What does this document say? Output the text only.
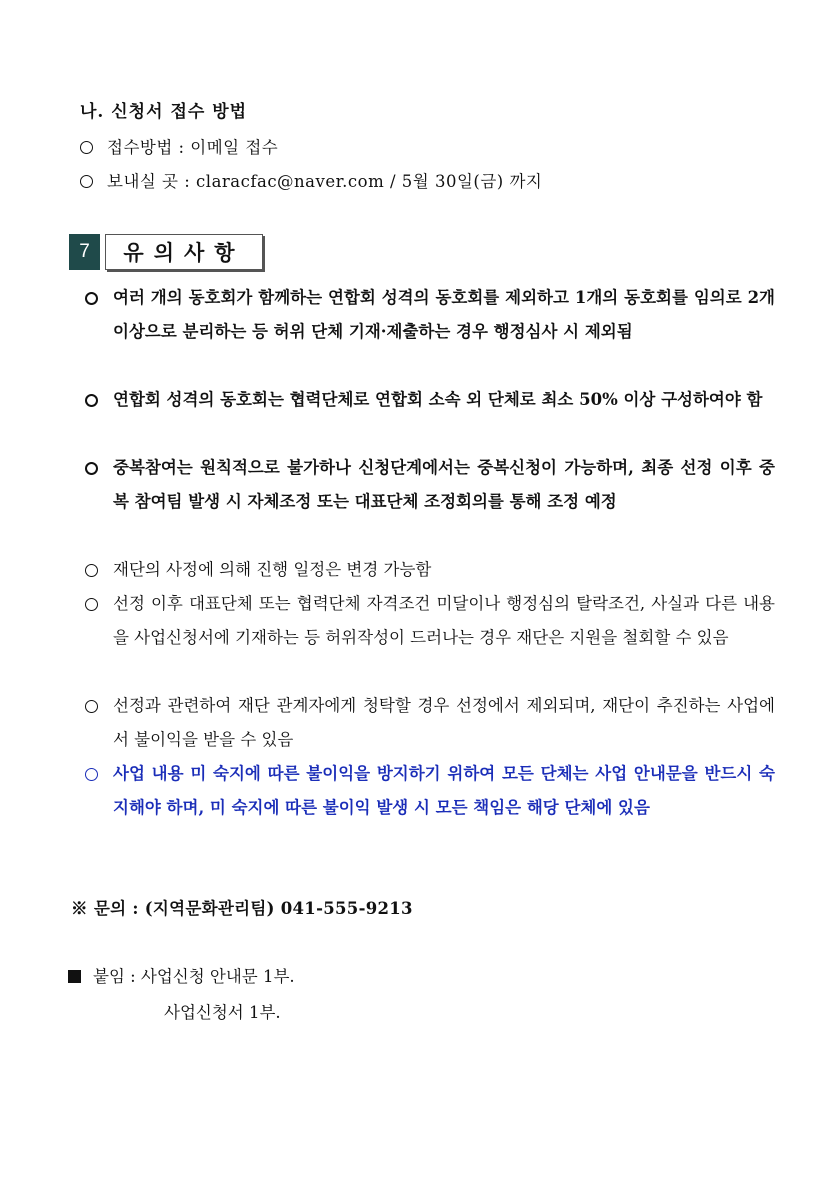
나. 신청서 접수 방법
접수방법 : 이메일 접수
보내실 곳 : claracfac@naver.com / 5월 30일(금) 까지
7	유의사항
여러 개의 동호회가 함께하는 연합회 성격의 동호회를 제외하고 1개의 동호회를 임의로 2개 이상으로 분리하는 등 허위 단체 기재·제출하는 경우 행정심사 시 제외됨
연합회 성격의 동호회는 협력단체로 연합회 소속 외 단체로 최소 50% 이상 구성하여야 함
중복참여는 원칙적으로 불가하나 신청단계에서는 중복신청이 가능하며, 최종 선정 이후 중복 참여팀 발생 시 자체조정 또는 대표단체 조정회의를 통해 조정 예정
재단의 사정에 의해 진행 일정은 변경 가능함
선정 이후 대표단체 또는 협력단체 자격조건 미달이나 행정심의 탈락조건, 사실과 다른 내용을 사업신청서에 기재하는 등 허위작성이 드러나는 경우 재단은 지원을 철회할 수 있음
선정과 관련하여 재단 관계자에게 청탁할 경우 선정에서 제외되며, 재단이 추진하는 사업에서 불이익을 받을 수 있음
사업 내용 미 숙지에 따른 불이익을 방지하기 위하여 모든 단체는 사업 안내문을 반드시 숙지해야 하며, 미 숙지에 따른 불이익 발생 시 모든 책임은 해당 단체에 있음
※ 문의 : (지역문화관리팀) 041-555-9213
붙임 : 사업신청 안내문 1부.
사업신청서 1부.
